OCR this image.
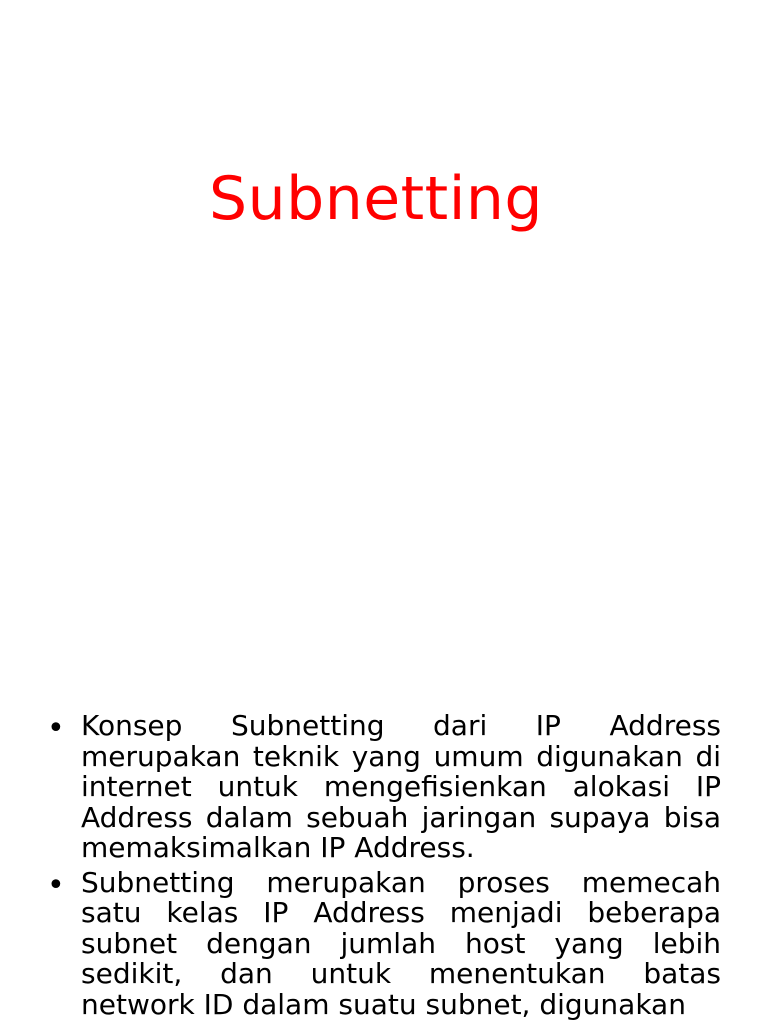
Subnetting
• Konsep Subnetting dari IP Address merupakan teknik yang umum digunakan di internet untuk mengefisienkan alokasi IP Address dalam sebuah jaringan supaya bisa memaksimalkan IP Address.
• Subnetting merupakan proses memecah satu kelas IP Address menjadi beberapa subnet dengan jumlah host yang lebih sedikit, dan untuk menentukan batas network ID dalam suatu subnet, digunakan
